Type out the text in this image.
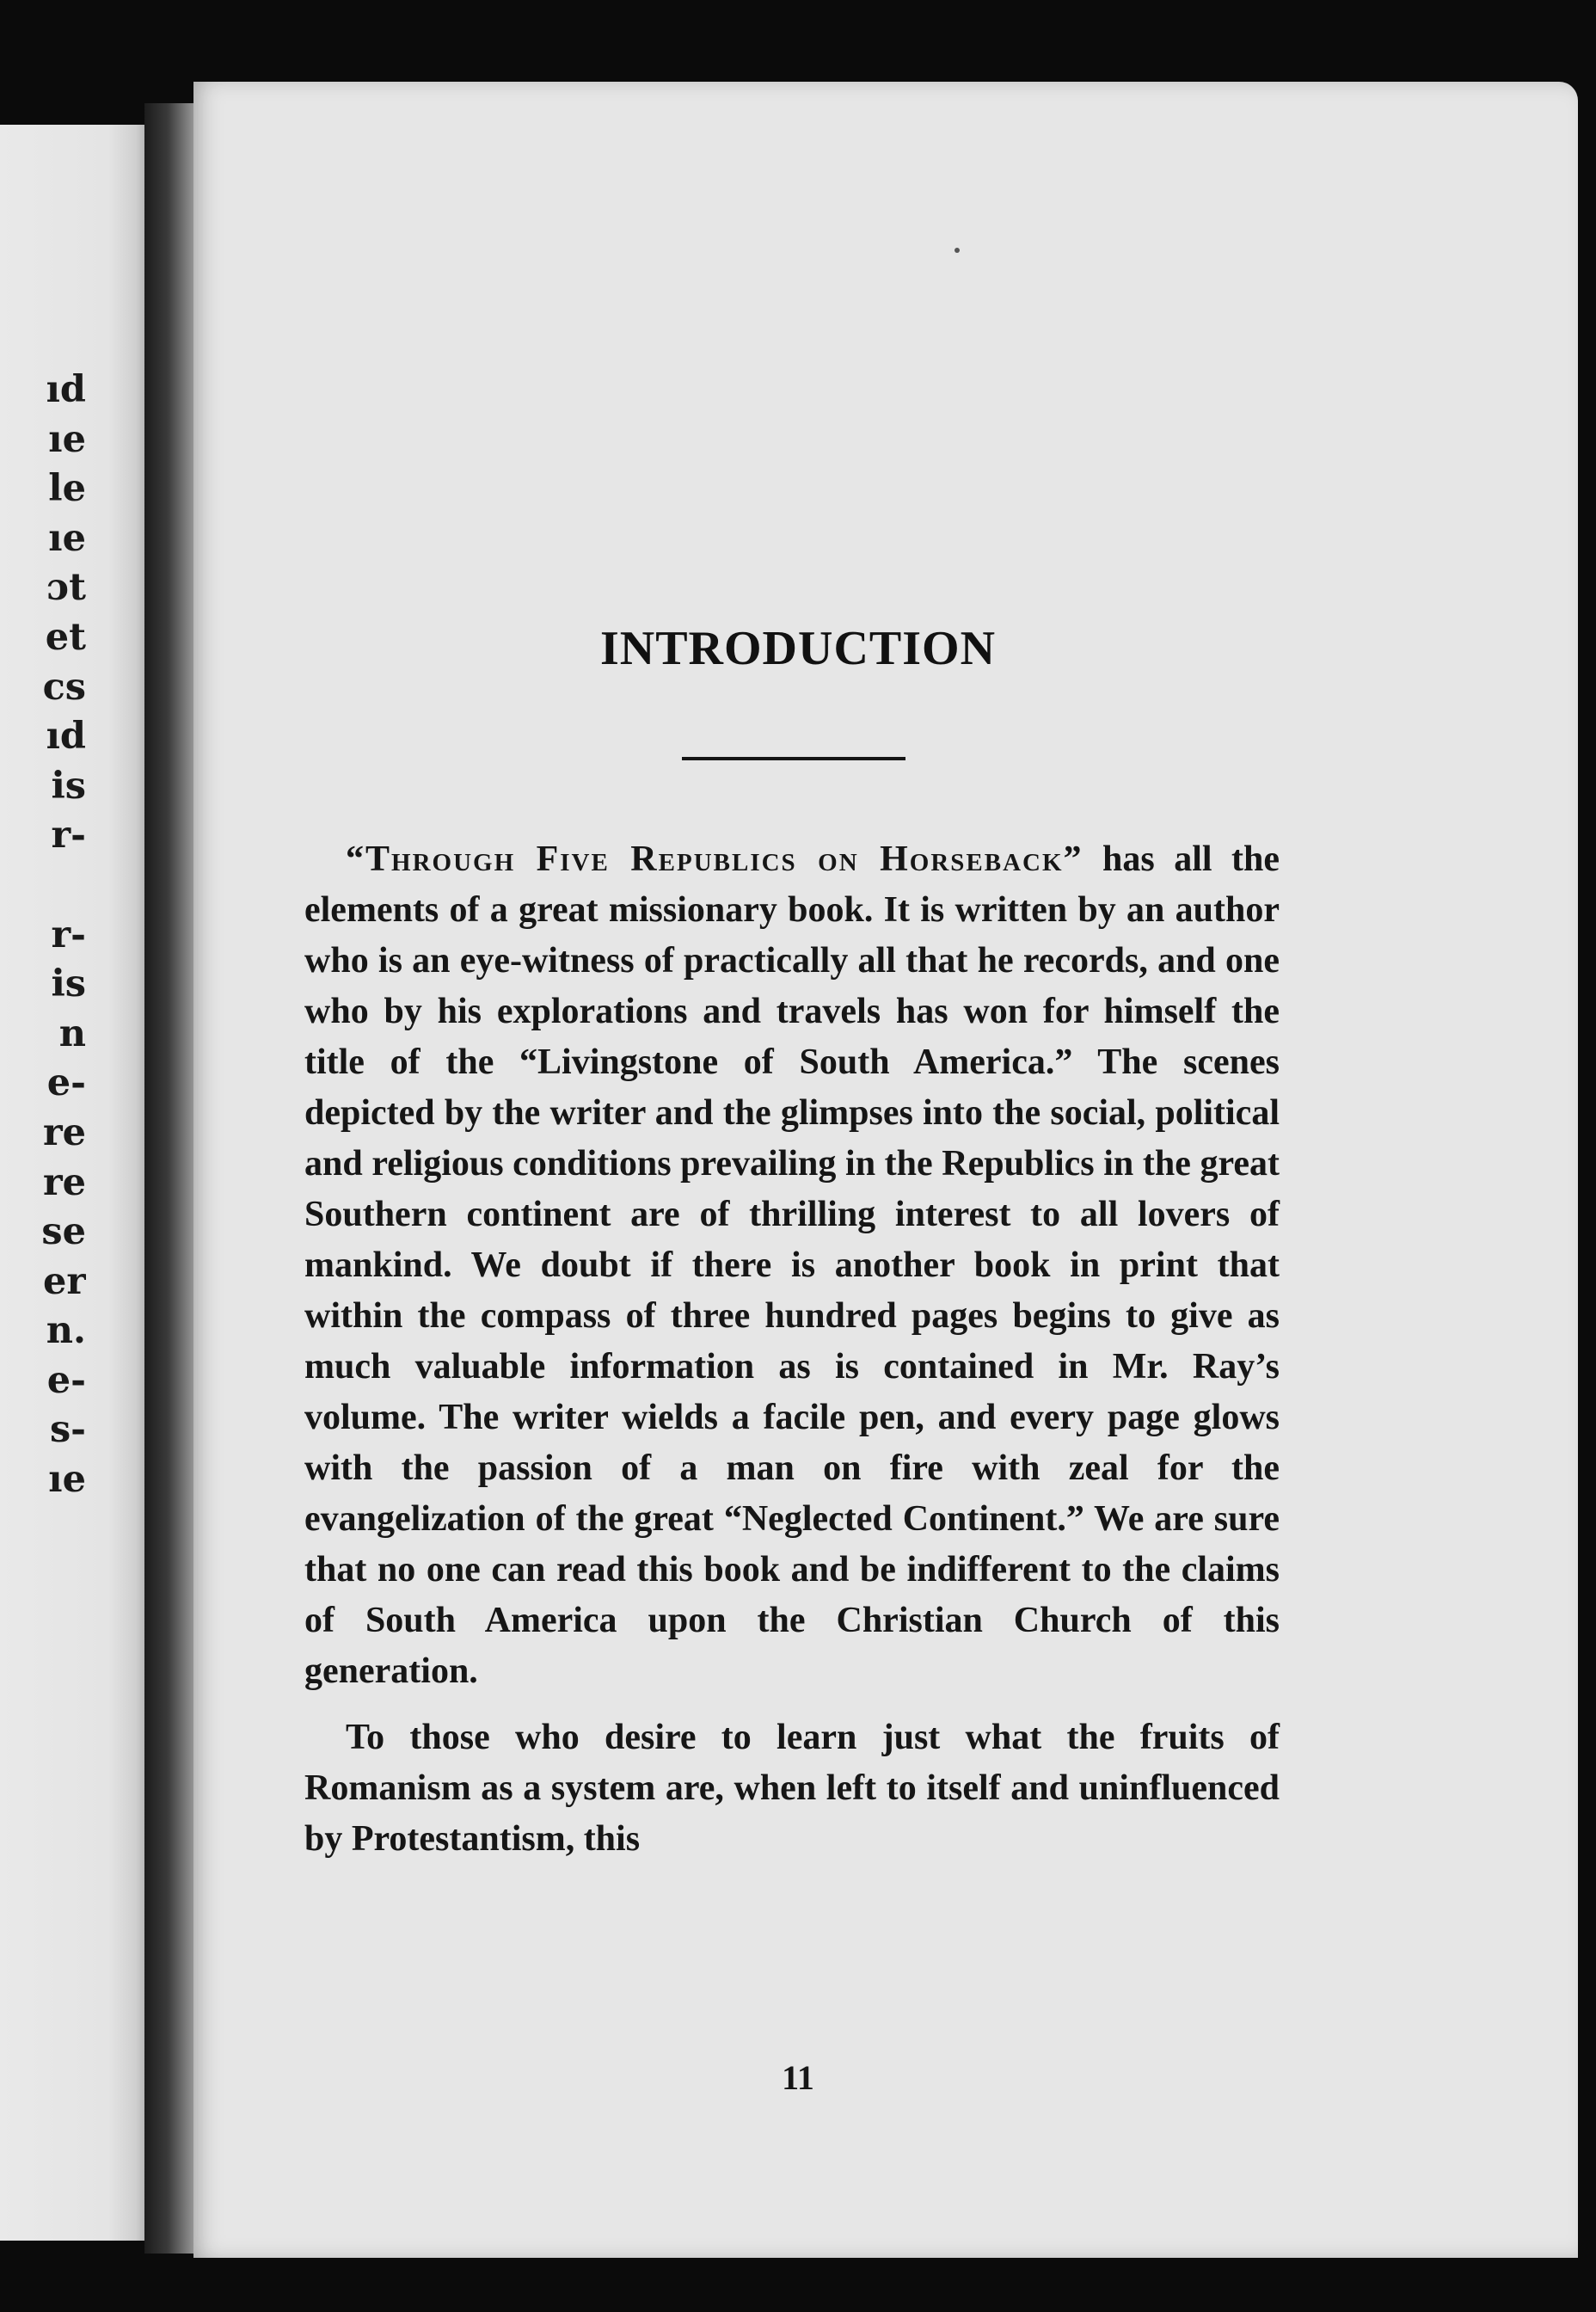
ıd
ıe
le
ıe
ɔt
et
cs
ıd
is
r-
r-
is
n
e-
re
re
se
er
n.
e-
s-
ıe
INTRODUCTION

“Through Five Republics on Horseback” has all the elements of a great missionary book. It is written by an author who is an eye-witness of practically all that he records, and one who by his explorations and travels has won for himself the title of the “Livingstone of South America.” The scenes depicted by the writer and the glimpses into the social, political and religious conditions prevailing in the Republics in the great Southern continent are of thrilling interest to all lovers of mankind. We doubt if there is another book in print that within the compass of three hundred pages begins to give as much valuable information as is contained in Mr. Ray’s volume. The writer wields a facile pen, and every page glows with the passion of a man on fire with zeal for the evangelization of the great “Neglected Continent.” We are sure that no one can read this book and be indifferent to the claims of South America upon the Christian Church of this generation.

To those who desire to learn just what the fruits of Romanism as a system are, when left to itself and uninfluenced by Protestantism, this

11
